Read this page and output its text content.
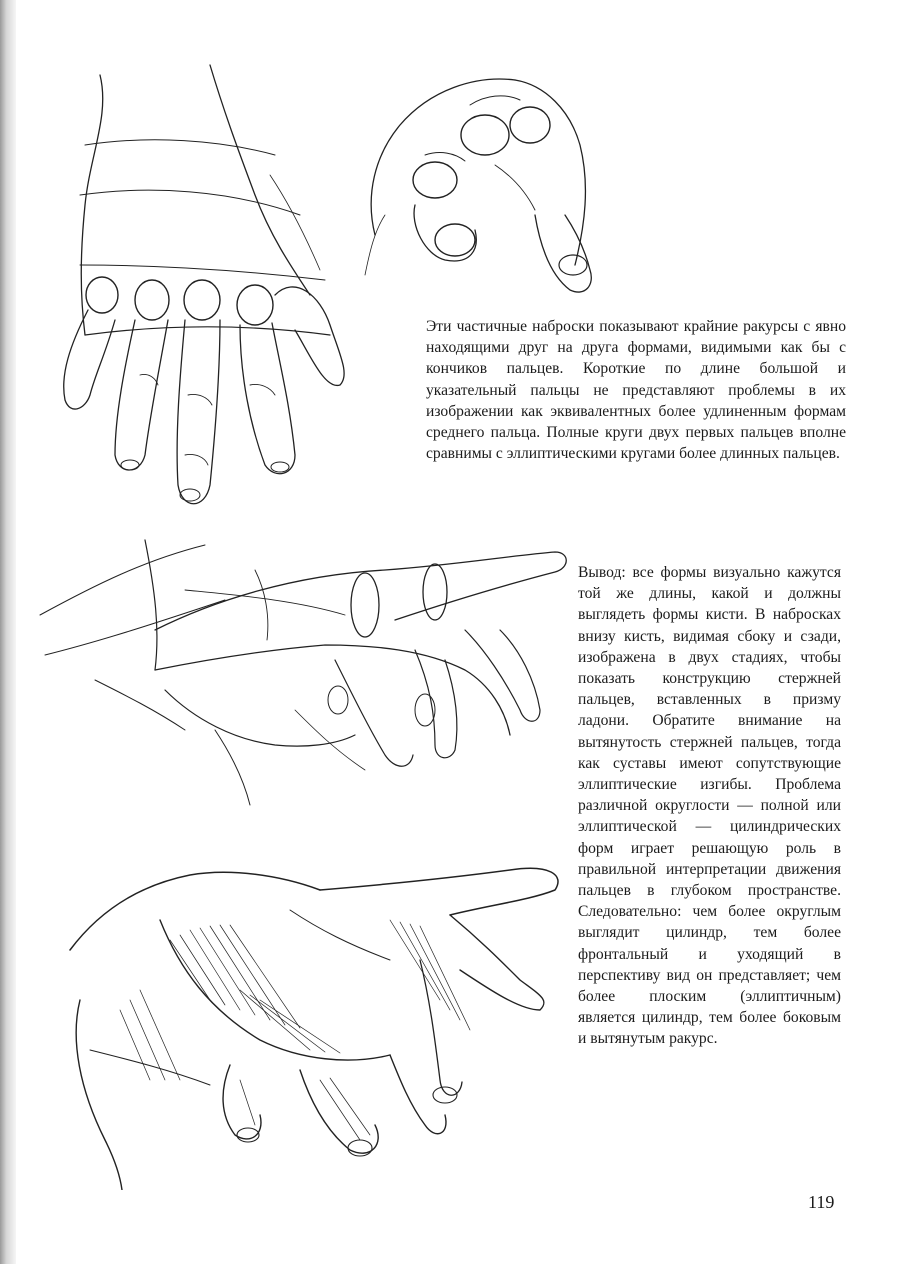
Эти частичные наброски показывают крайние ракурсы с явно находящими друг на друга формами, видимыми как бы с кончиков пальцев. Короткие по длине большой и указательный пальцы не представляют проблемы в их изображении как эквивалентных более удлиненным формам среднего пальца. Полные круги двух первых пальцев вполне сравнимы с эллиптическими кругами более длинных пальцев.

Вывод: все формы визуально кажутся той же длины, какой и должны выглядеть формы кисти. В набросках внизу кисть, видимая сбоку и сзади, изображена в двух стадиях, чтобы показать конструкцию стержней пальцев, вставленных в призму ладони. Обратите внимание на вытянутость стержней пальцев, тогда как суставы имеют сопутствующие эллиптические изгибы. Проблема различной округлости — полной или эллиптической — цилиндрических форм играет решающую роль в правильной интерпретации движения пальцев в глубоком пространстве. Следовательно: чем более округлым выглядит цилиндр, тем более фронтальный и уходящий в перспективу вид он представляет; чем более плоским (эллиптичным) является цилиндр, тем более боковым и вытянутым ракурс.

119
